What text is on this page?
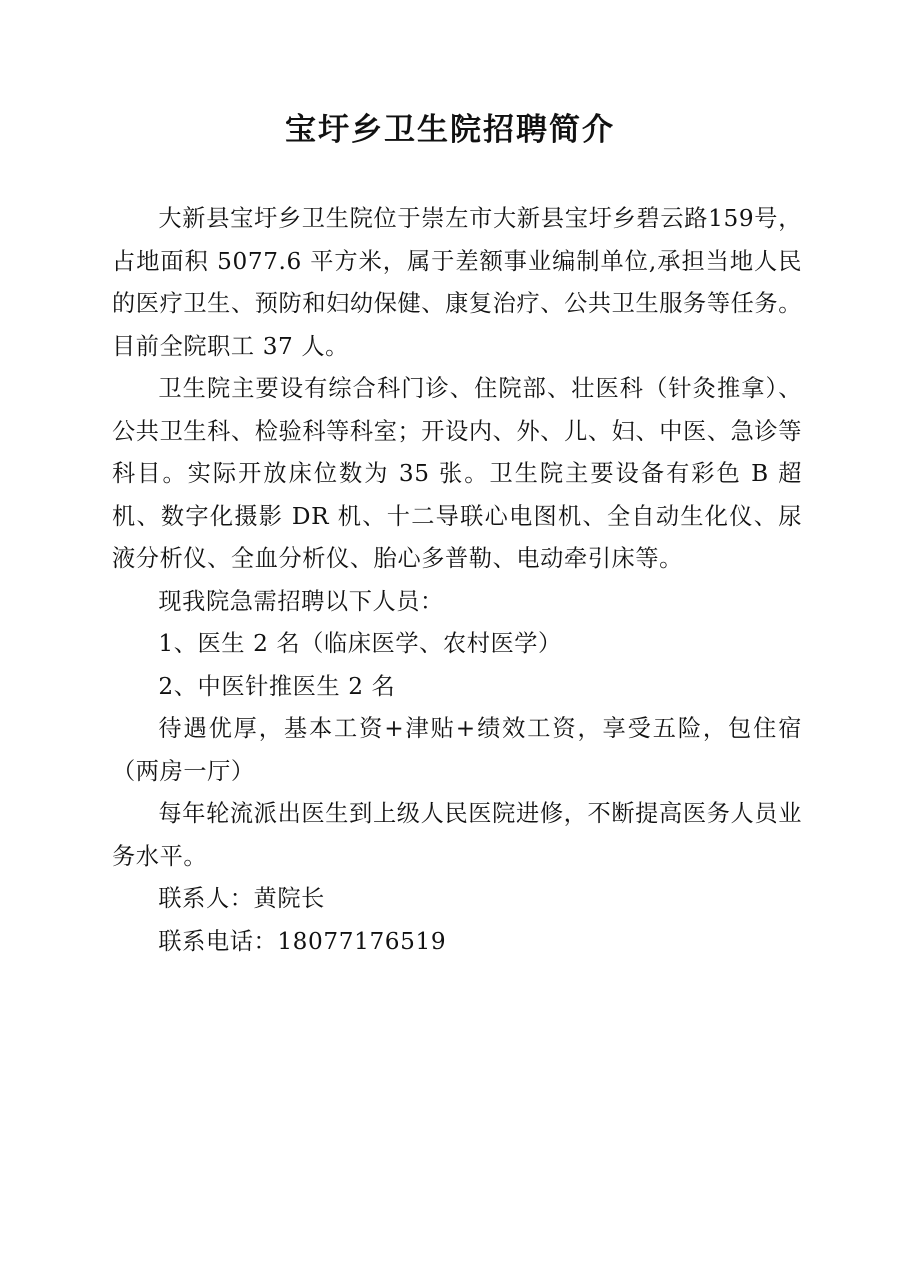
宝圩乡卫生院招聘简介

大新县宝圩乡卫生院位于崇左市大新县宝圩乡碧云路159号，占地面积 5077.6 平方米，属于差额事业编制单位,承担当地人民的医疗卫生、预防和妇幼保健、康复治疗、公共卫生服务等任务。目前全院职工 37 人。

卫生院主要设有综合科门诊、住院部、壮医科（针灸推拿）、公共卫生科、检验科等科室；开设内、外、儿、妇、中医、急诊等科目。实际开放床位数为 35 张。卫生院主要设备有彩色 B 超机、数字化摄影 DR 机、十二导联心电图机、全自动生化仪、尿液分析仪、全血分析仪、胎心多普勒、电动牵引床等。

现我院急需招聘以下人员：

1、医生 2 名（临床医学、农村医学）

2、中医针推医生 2 名

待遇优厚，基本工资+津贴+绩效工资，享受五险，包住宿（两房一厅）

每年轮流派出医生到上级人民医院进修，不断提高医务人员业务水平。

联系人：黄院长

联系电话：18077176519
